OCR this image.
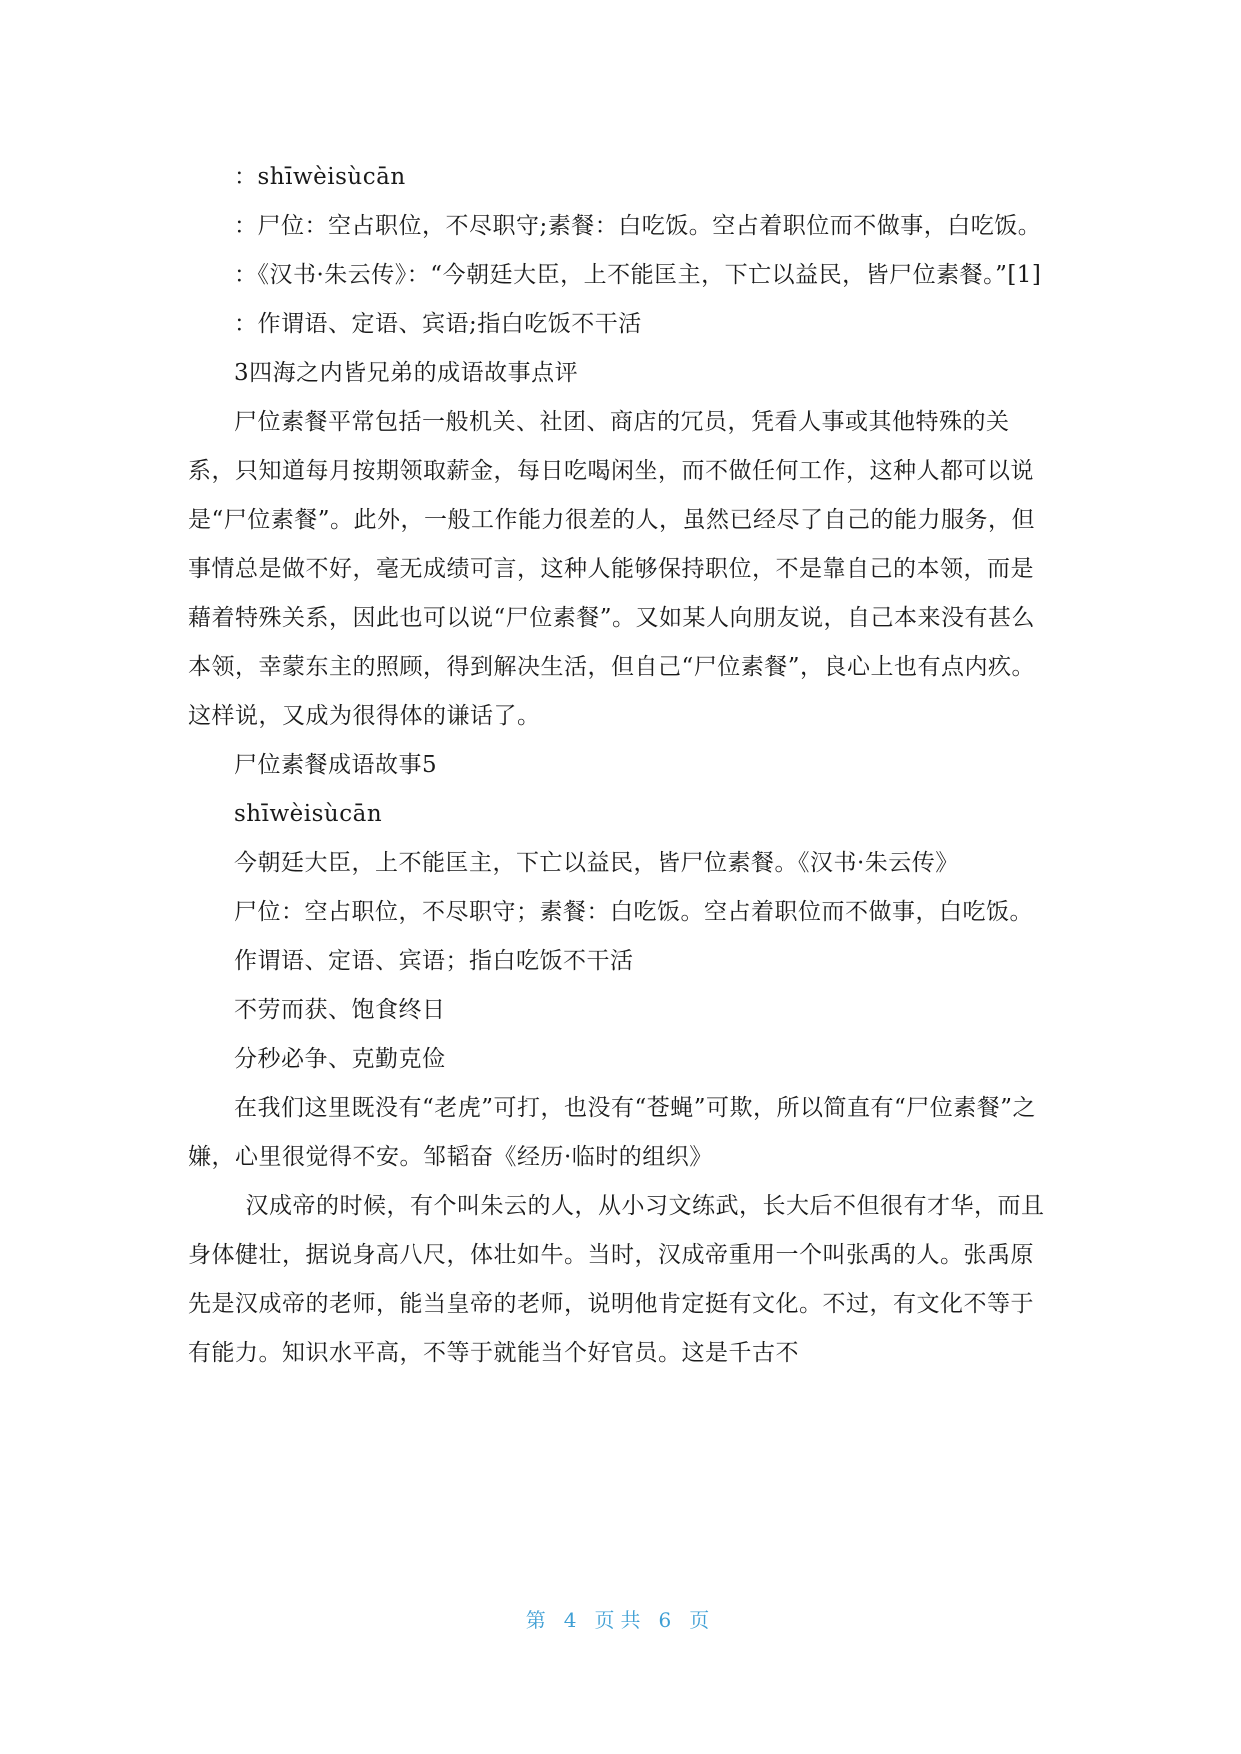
：shīwèisùcān

：尸位：空占职位，不尽职守;素餐：白吃饭。空占着职位而不做事，白吃饭。

：《汉书·朱云传》：“今朝廷大臣，上不能匡主，下亡以益民，皆尸位素餐。”[1]

：作谓语、定语、宾语;指白吃饭不干活

3四海之内皆兄弟的成语故事点评

尸位素餐平常包括一般机关、社团、商店的冗员，凭看人事或其他特殊的关系，只知道每月按期领取薪金，每日吃喝闲坐，而不做任何工作，这种人都可以说是“尸位素餐”。此外，一般工作能力很差的人，虽然已经尽了自己的能力服务，但事情总是做不好，毫无成绩可言，这种人能够保持职位，不是靠自己的本领，而是藉着特殊关系，因此也可以说“尸位素餐”。又如某人向朋友说，自己本来没有甚么本领，幸蒙东主的照顾，得到解决生活，但自己“尸位素餐”，良心上也有点内疚。这样说，又成为很得体的谦话了。

尸位素餐成语故事5

shīwèisùcān

今朝廷大臣，上不能匡主，下亡以益民，皆尸位素餐。《汉书·朱云传》

尸位：空占职位，不尽职守；素餐：白吃饭。空占着职位而不做事，白吃饭。

作谓语、定语、宾语；指白吃饭不干活

不劳而获、饱食终日

分秒必争、克勤克俭

在我们这里既没有“老虎”可打，也没有“苍蝇”可欺，所以简直有“尸位素餐”之嫌，心里很觉得不安。邹韬奋《经历·临时的组织》

汉成帝的时候，有个叫朱云的人，从小习文练武，长大后不但很有才华，而且身体健壮，据说身高八尺，体壮如牛。当时，汉成帝重用一个叫张禹的人。张禹原先是汉成帝的老师，能当皇帝的老师，说明他肯定挺有文化。不过，有文化不等于有能力。知识水平高，不等于就能当个好官员。这是千古不

第 4 页共 6 页
